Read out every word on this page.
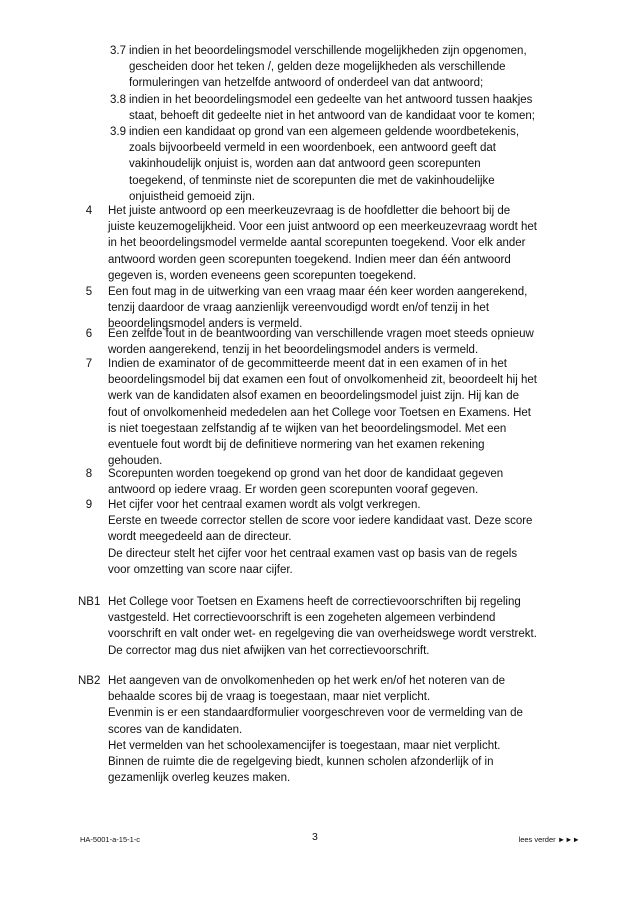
3.7 indien in het beoordelingsmodel verschillende mogelijkheden zijn opgenomen,
gescheiden door het teken /, gelden deze mogelijkheden als verschillende
formuleringen van hetzelfde antwoord of onderdeel van dat antwoord;
3.8 indien in het beoordelingsmodel een gedeelte van het antwoord tussen haakjes
staat, behoeft dit gedeelte niet in het antwoord van de kandidaat voor te komen;
3.9 indien een kandidaat op grond van een algemeen geldende woordbetekenis,
zoals bijvoorbeeld vermeld in een woordenboek, een antwoord geeft dat
vakinhoudelijk onjuist is, worden aan dat antwoord geen scorepunten
toegekend, of tenminste niet de scorepunten die met de vakinhoudelijke
onjuistheid gemoeid zijn.
4	Het juiste antwoord op een meerkeuzevraag is de hoofdletter die behoort bij de
juiste keuzemogelijkheid. Voor een juist antwoord op een meerkeuzevraag wordt het
in het beoordelingsmodel vermelde aantal scorepunten toegekend. Voor elk ander
antwoord worden geen scorepunten toegekend. Indien meer dan één antwoord
gegeven is, worden eveneens geen scorepunten toegekend.
5	Een fout mag in de uitwerking van een vraag maar één keer worden aangerekend,
tenzij daardoor de vraag aanzienlijk vereenvoudigd wordt en/of tenzij in het
beoordelingsmodel anders is vermeld.
6	Een zelfde fout in de beantwoording van verschillende vragen moet steeds opnieuw
worden aangerekend, tenzij in het beoordelingsmodel anders is vermeld.
7	Indien de examinator of de gecommitteerde meent dat in een examen of in het
beoordelingsmodel bij dat examen een fout of onvolkomenheid zit, beoordeelt hij het
werk van de kandidaten alsof examen en beoordelingsmodel juist zijn. Hij kan de
fout of onvolkomenheid mededelen aan het College voor Toetsen en Examens. Het
is niet toegestaan zelfstandig af te wijken van het beoordelingsmodel. Met een
eventuele fout wordt bij de definitieve normering van het examen rekening
gehouden.
8	Scorepunten worden toegekend op grond van het door de kandidaat gegeven
antwoord op iedere vraag. Er worden geen scorepunten vooraf gegeven.
9	Het cijfer voor het centraal examen wordt als volgt verkregen.
Eerste en tweede corrector stellen de score voor iedere kandidaat vast. Deze score
wordt meegedeeld aan de directeur.
De directeur stelt het cijfer voor het centraal examen vast op basis van de regels
voor omzetting van score naar cijfer.
NB1 Het College voor Toetsen en Examens heeft de correctievoorschriften bij regeling
vastgesteld. Het correctievoorschrift is een zogeheten algemeen verbindend
voorschrift en valt onder wet- en regelgeving die van overheidswege wordt verstrekt.
De corrector mag dus niet afwijken van het correctievoorschrift.
NB2 Het aangeven van de onvolkomenheden op het werk en/of het noteren van de
behaalde scores bij de vraag is toegestaan, maar niet verplicht.
Evenmin is er een standaardformulier voorgeschreven voor de vermelding van de
scores van de kandidaten.
Het vermelden van het schoolexamencijfer is toegestaan, maar niet verplicht.
Binnen de ruimte die de regelgeving biedt, kunnen scholen afzonderlijk of in
gezamenlijk overleg keuzes maken.
HA-5001-a-15-1-c	3	lees verder ►►►
